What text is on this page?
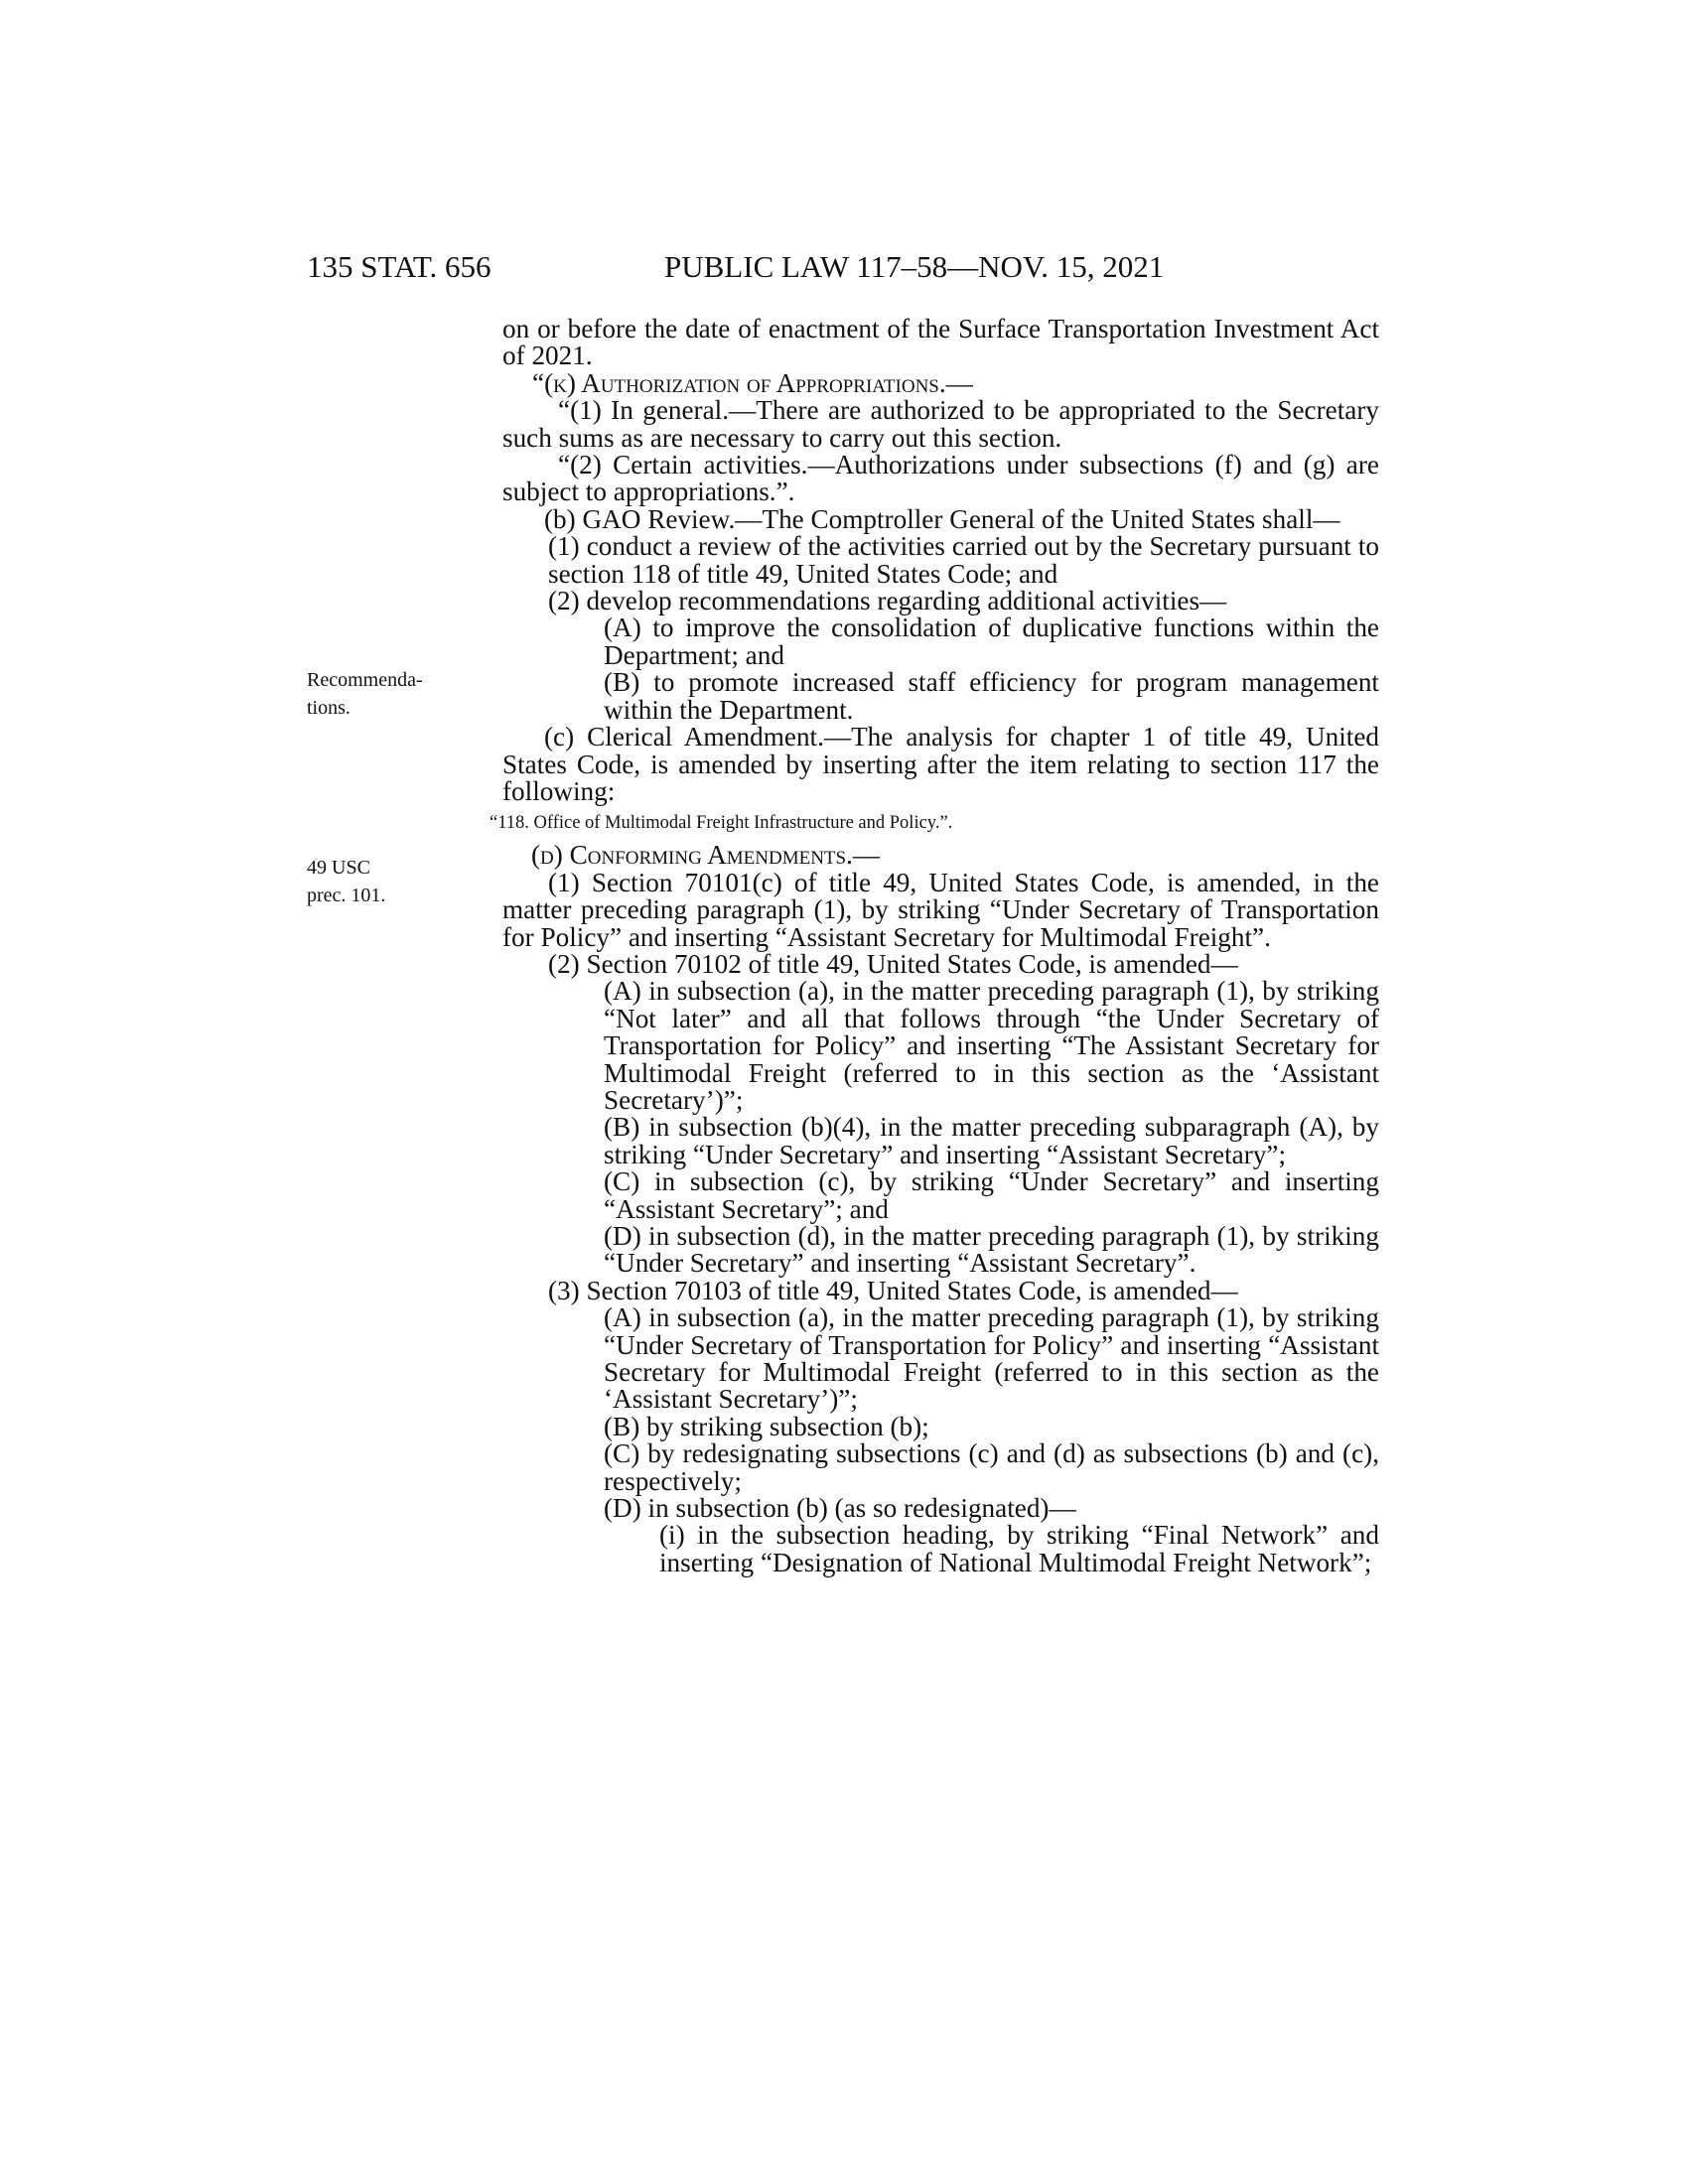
135 STAT. 656	PUBLIC LAW 117–58—NOV. 15, 2021
Recommenda-
tions.
49 USC
prec. 101.

on or before the date of enactment of the Surface Transportation Investment Act of 2021.

“(k) Authorization of Appropriations.—

“(1) In general.—There are authorized to be appropriated to the Secretary such sums as are necessary to carry out this section.

“(2) Certain activities.—Authorizations under subsections (f) and (g) are subject to appropriations.”.

(b) GAO Review.—The Comptroller General of the United States shall—

(1) conduct a review of the activities carried out by the Secretary pursuant to section 118 of title 49, United States Code; and

(2) develop recommendations regarding additional activities—

(A) to improve the consolidation of duplicative functions within the Department; and

(B) to promote increased staff efficiency for program management within the Department.

(c) Clerical Amendment.—The analysis for chapter 1 of title 49, United States Code, is amended by inserting after the item relating to section 117 the following:

“118. Office of Multimodal Freight Infrastructure and Policy.”.

(d) Conforming Amendments.—

(1) Section 70101(c) of title 49, United States Code, is amended, in the matter preceding paragraph (1), by striking “Under Secretary of Transportation for Policy” and inserting “Assistant Secretary for Multimodal Freight”.

(2) Section 70102 of title 49, United States Code, is amended—

(A) in subsection (a), in the matter preceding paragraph (1), by striking “Not later” and all that follows through “the Under Secretary of Transportation for Policy” and inserting “The Assistant Secretary for Multimodal Freight (referred to in this section as the ‘Assistant Secretary’)”;

(B) in subsection (b)(4), in the matter preceding subparagraph (A), by striking “Under Secretary” and inserting “Assistant Secretary”;

(C) in subsection (c), by striking “Under Secretary” and inserting “Assistant Secretary”; and

(D) in subsection (d), in the matter preceding paragraph (1), by striking “Under Secretary” and inserting “Assistant Secretary”.

(3) Section 70103 of title 49, United States Code, is amended—

(A) in subsection (a), in the matter preceding paragraph (1), by striking “Under Secretary of Transportation for Policy” and inserting “Assistant Secretary for Multimodal Freight (referred to in this section as the ‘Assistant Secretary’)”;

(B) by striking subsection (b);

(C) by redesignating subsections (c) and (d) as subsections (b) and (c), respectively;

(D) in subsection (b) (as so redesignated)—

(i) in the subsection heading, by striking “Final Network” and inserting “Designation of National Multimodal Freight Network”;
